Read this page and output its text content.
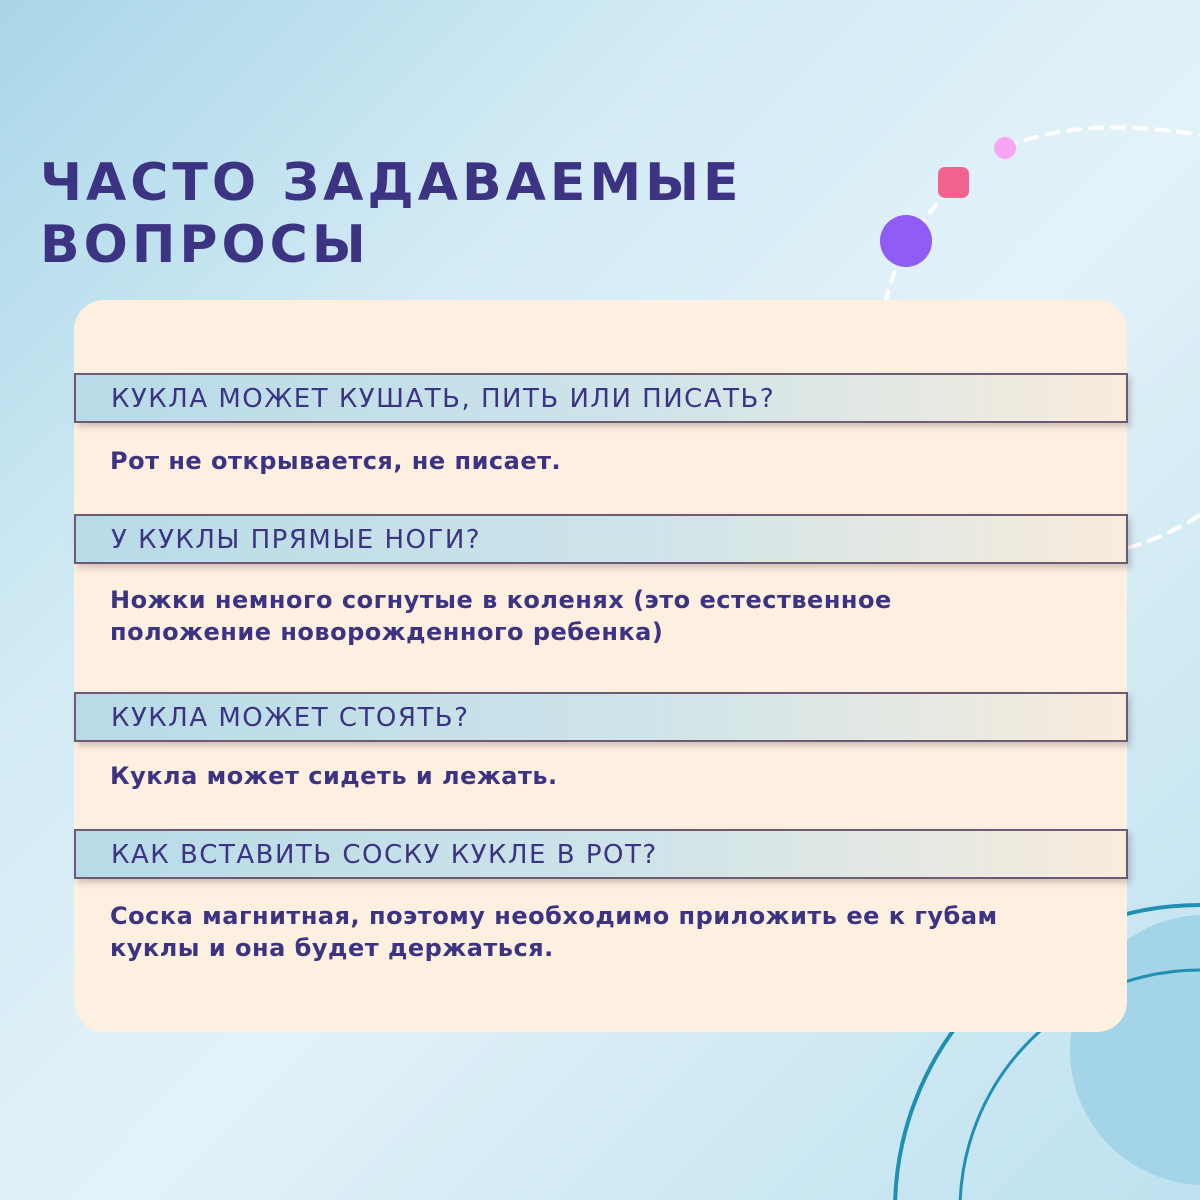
ЧАСТО ЗАДАВАЕМЫЕ
ВОПРОСЫ
КУКЛА МОЖЕТ КУШАТЬ, ПИТЬ ИЛИ ПИСАТЬ?

Рот не открывается, не писает.

У КУКЛЫ ПРЯМЫЕ НОГИ?

Ножки немного согнутые в коленях (это естественное
положение новорожденного ребенка)

КУКЛА МОЖЕТ СТОЯТЬ?

Кукла может сидеть и лежать.

КАК ВСТАВИТЬ СОСКУ КУКЛЕ В РОТ?

Соска магнитная, поэтому необходимо приложить ее к губам
куклы и она будет держаться.
